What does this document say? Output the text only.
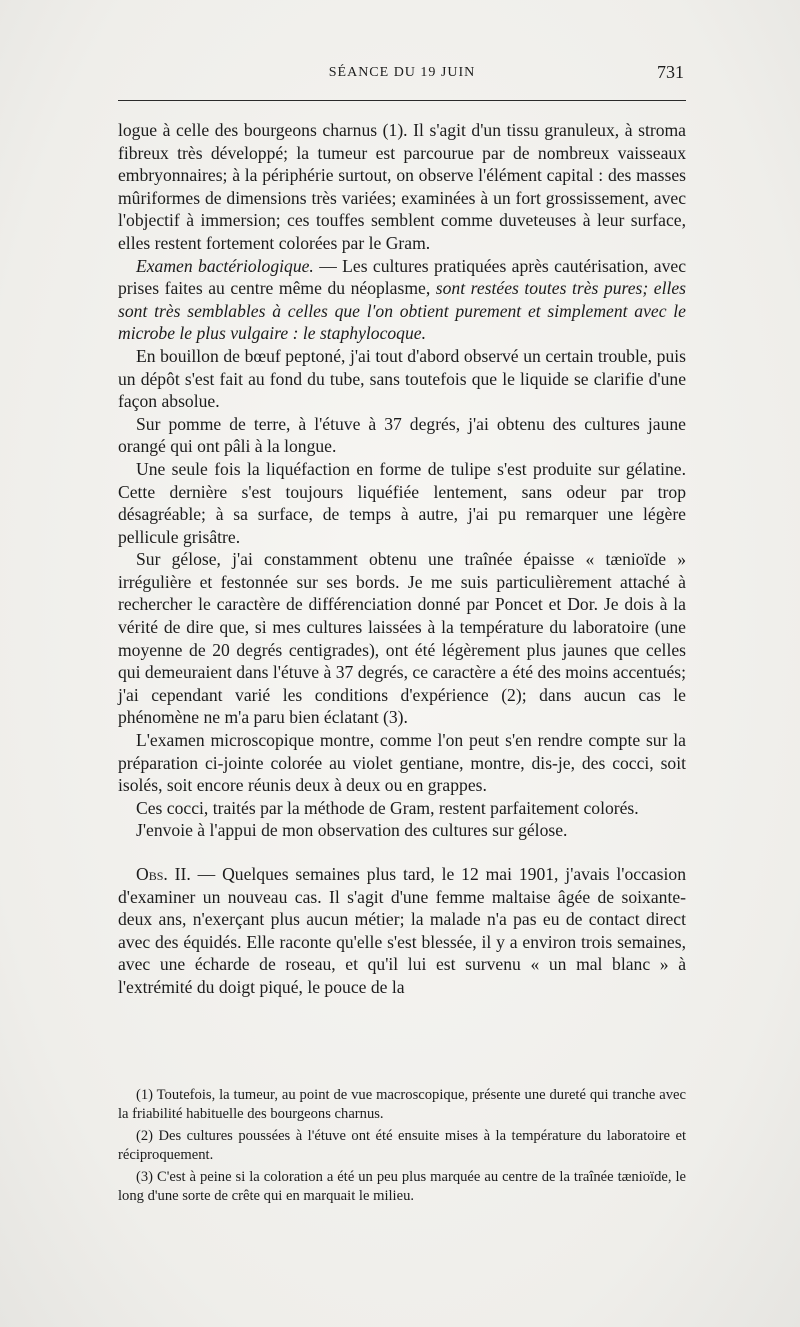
SÉANCE DU 19 JUIN	731

logue à celle des bourgeons charnus (1). Il s'agit d'un tissu granuleux, à stroma fibreux très développé; la tumeur est parcourue par de nombreux vaisseaux embryonnaires; à la périphérie surtout, on observe l'élément capital : des masses mûriformes de dimensions très variées; examinées à un fort grossissement, avec l'objectif à immersion; ces touffes semblent comme duveteuses à leur surface, elles restent fortement colorées par le Gram.

Examen bactériologique. — Les cultures pratiquées après cautérisation, avec prises faites au centre même du néoplasme, sont restées toutes très pures; elles sont très semblables à celles que l'on obtient purement et simplement avec le microbe le plus vulgaire : le staphylocoque.

En bouillon de bœuf peptoné, j'ai tout d'abord observé un certain trouble, puis un dépôt s'est fait au fond du tube, sans toutefois que le liquide se clarifie d'une façon absolue.

Sur pomme de terre, à l'étuve à 37 degrés, j'ai obtenu des cultures jaune orangé qui ont pâli à la longue.

Une seule fois la liquéfaction en forme de tulipe s'est produite sur gélatine. Cette dernière s'est toujours liquéfiée lentement, sans odeur par trop désagréable; à sa surface, de temps à autre, j'ai pu remarquer une légère pellicule grisâtre.

Sur gélose, j'ai constamment obtenu une traînée épaisse « tænioïde » irrégulière et festonnée sur ses bords. Je me suis particulièrement attaché à rechercher le caractère de différenciation donné par Poncet et Dor. Je dois à la vérité de dire que, si mes cultures laissées à la température du laboratoire (une moyenne de 20 degrés centigrades), ont été légèrement plus jaunes que celles qui demeuraient dans l'étuve à 37 degrés, ce caractère a été des moins accentués; j'ai cependant varié les conditions d'expérience (2); dans aucun cas le phénomène ne m'a paru bien éclatant (3).

L'examen microscopique montre, comme l'on peut s'en rendre compte sur la préparation ci-jointe colorée au violet gentiane, montre, dis-je, des cocci, soit isolés, soit encore réunis deux à deux ou en grappes.

Ces cocci, traités par la méthode de Gram, restent parfaitement colorés.

J'envoie à l'appui de mon observation des cultures sur gélose.

Obs. II. — Quelques semaines plus tard, le 12 mai 1901, j'avais l'occasion d'examiner un nouveau cas. Il s'agit d'une femme maltaise âgée de soixante-deux ans, n'exerçant plus aucun métier; la malade n'a pas eu de contact direct avec des équidés. Elle raconte qu'elle s'est blessée, il y a environ trois semaines, avec une écharde de roseau, et qu'il lui est survenu « un mal blanc » à l'extrémité du doigt piqué, le pouce de la

(1) Toutefois, la tumeur, au point de vue macroscopique, présente une dureté qui tranche avec la friabilité habituelle des bourgeons charnus.

(2) Des cultures poussées à l'étuve ont été ensuite mises à la température du laboratoire et réciproquement.

(3) C'est à peine si la coloration a été un peu plus marquée au centre de la traînée tænioïde, le long d'une sorte de crête qui en marquait le milieu.
